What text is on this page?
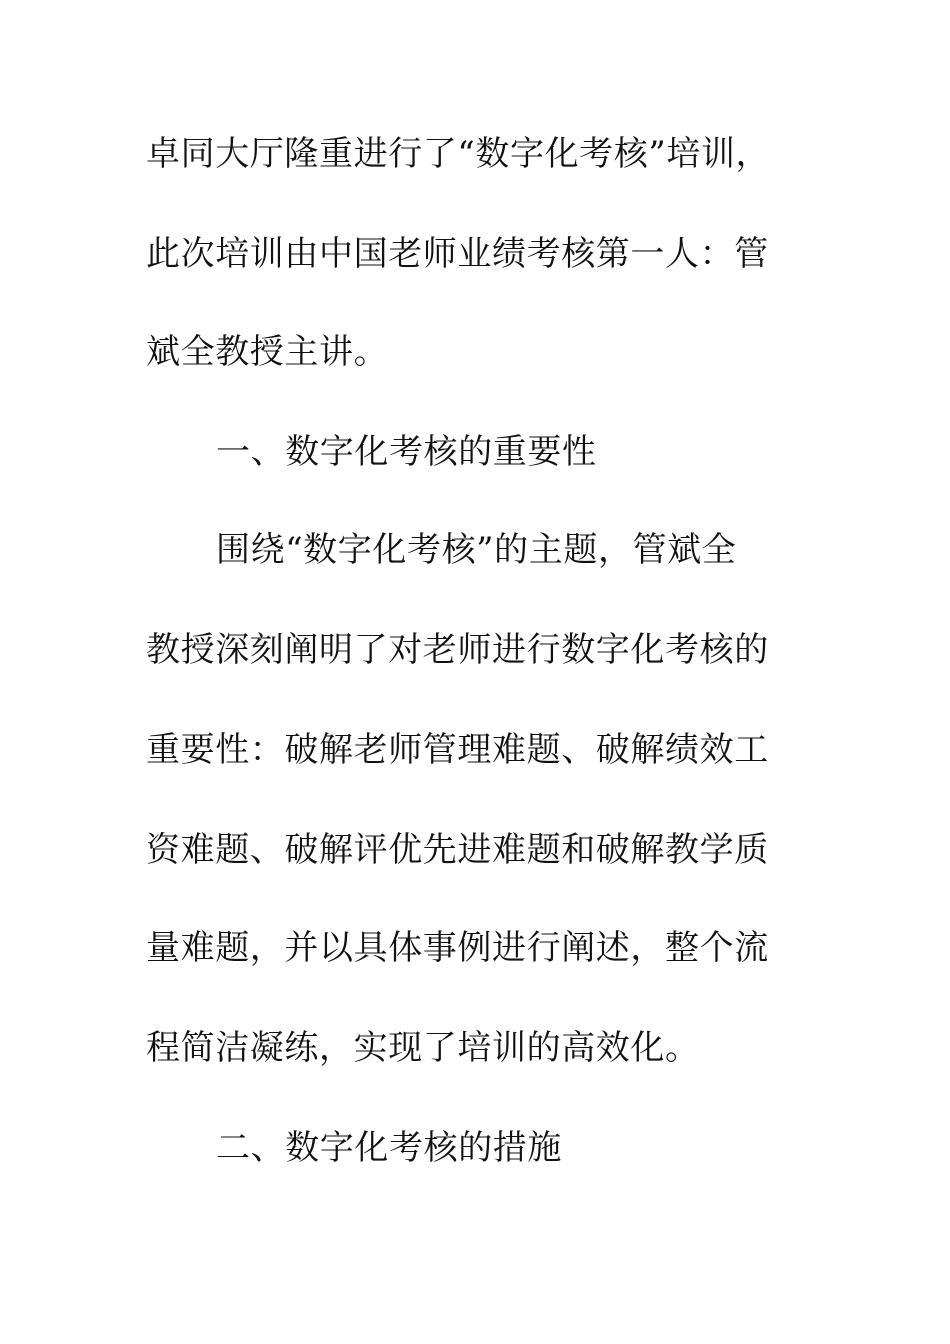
卓同大厅隆重进行了“数字化考核”培训，
此次培训由中国老师业绩考核第一人：管
斌全教授主讲。
一、数字化考核的重要性
围绕“数字化考核”的主题，管斌全
教授深刻阐明了对老师进行数字化考核的
重要性：破解老师管理难题、破解绩效工
资难题、破解评优先进难题和破解教学质
量难题，并以具体事例进行阐述，整个流
程简洁凝练，实现了培训的高效化。
二、数字化考核的措施
